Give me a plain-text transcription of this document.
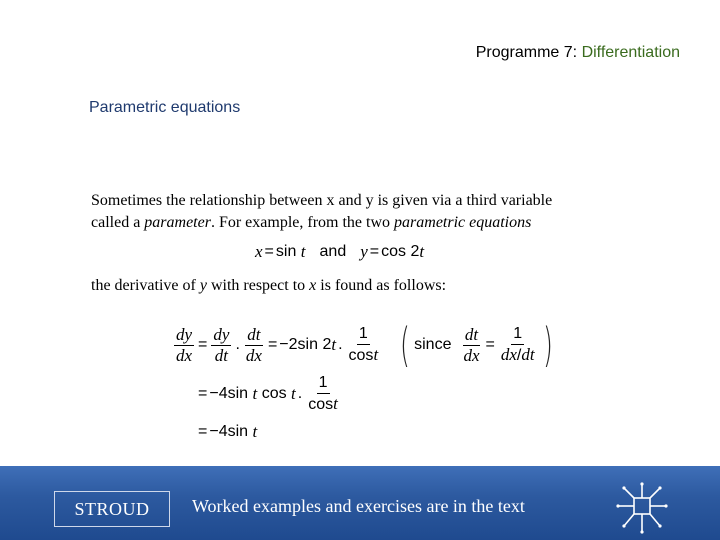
Programme 7: Differentiation
Parametric equations
Sometimes the relationship between x and y is given via a third variable
called a parameter. For example, from the two parametric equations
x = sin
t and y = cos
2 t
the derivative of y with respect to x is found as follows:
$\frac{dy}{dx} = \frac{dy}{dt}$ . $\frac{dt}{dx} = -2\sin$
2 t . $\frac{1}{\cos t}$ ( since $\frac{dt}{dx} = \frac{1}{dx/dt}$ )
= −4sin
t
cos
t . $\frac{1}{\cos t}$
= −4sin
t
STROUD	Worked examples and exercises are in the text
